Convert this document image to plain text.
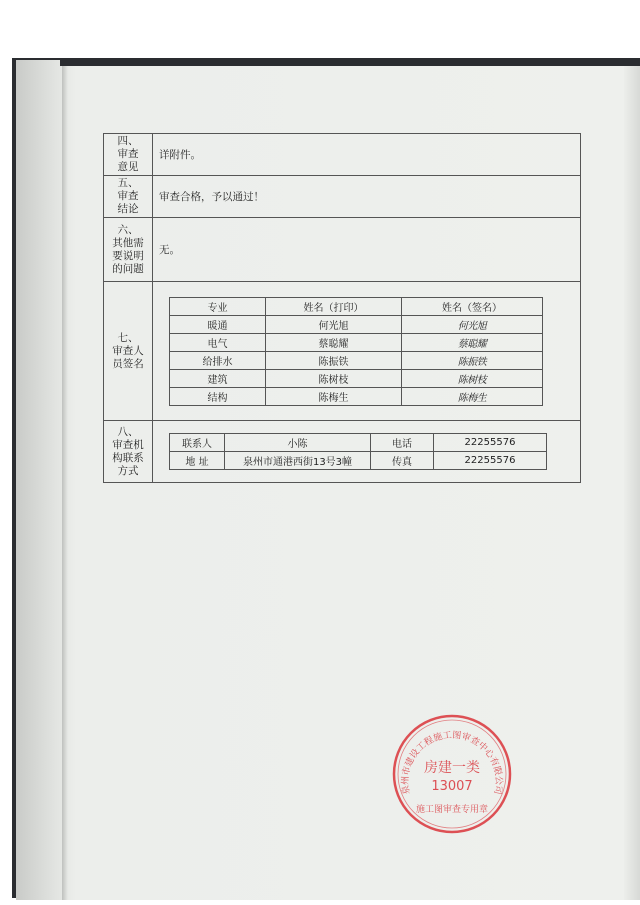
四、
审查
意见	详附件。
五、
审查
结论	审查合格，予以通过！
六、
其他需
要说明
的问题	无。
七、
审查人
员签名	
专业	姓名（打印）	姓名（签名）
暖通	何光旭	何光旭
电气	蔡聪耀	蔡聪耀
给排水	陈振铁	陈振铁
建筑	陈树枝	陈树枝
结构	陈梅生	陈梅生

八、
审查机
构联系
方式	
联系人	小陈	电话	22255576
地 址	泉州市通港西街13号3幢	传真	22255576
泉州市建设工程施工图审查中心有限公司
房建一类
13007
施工图审查专用章
